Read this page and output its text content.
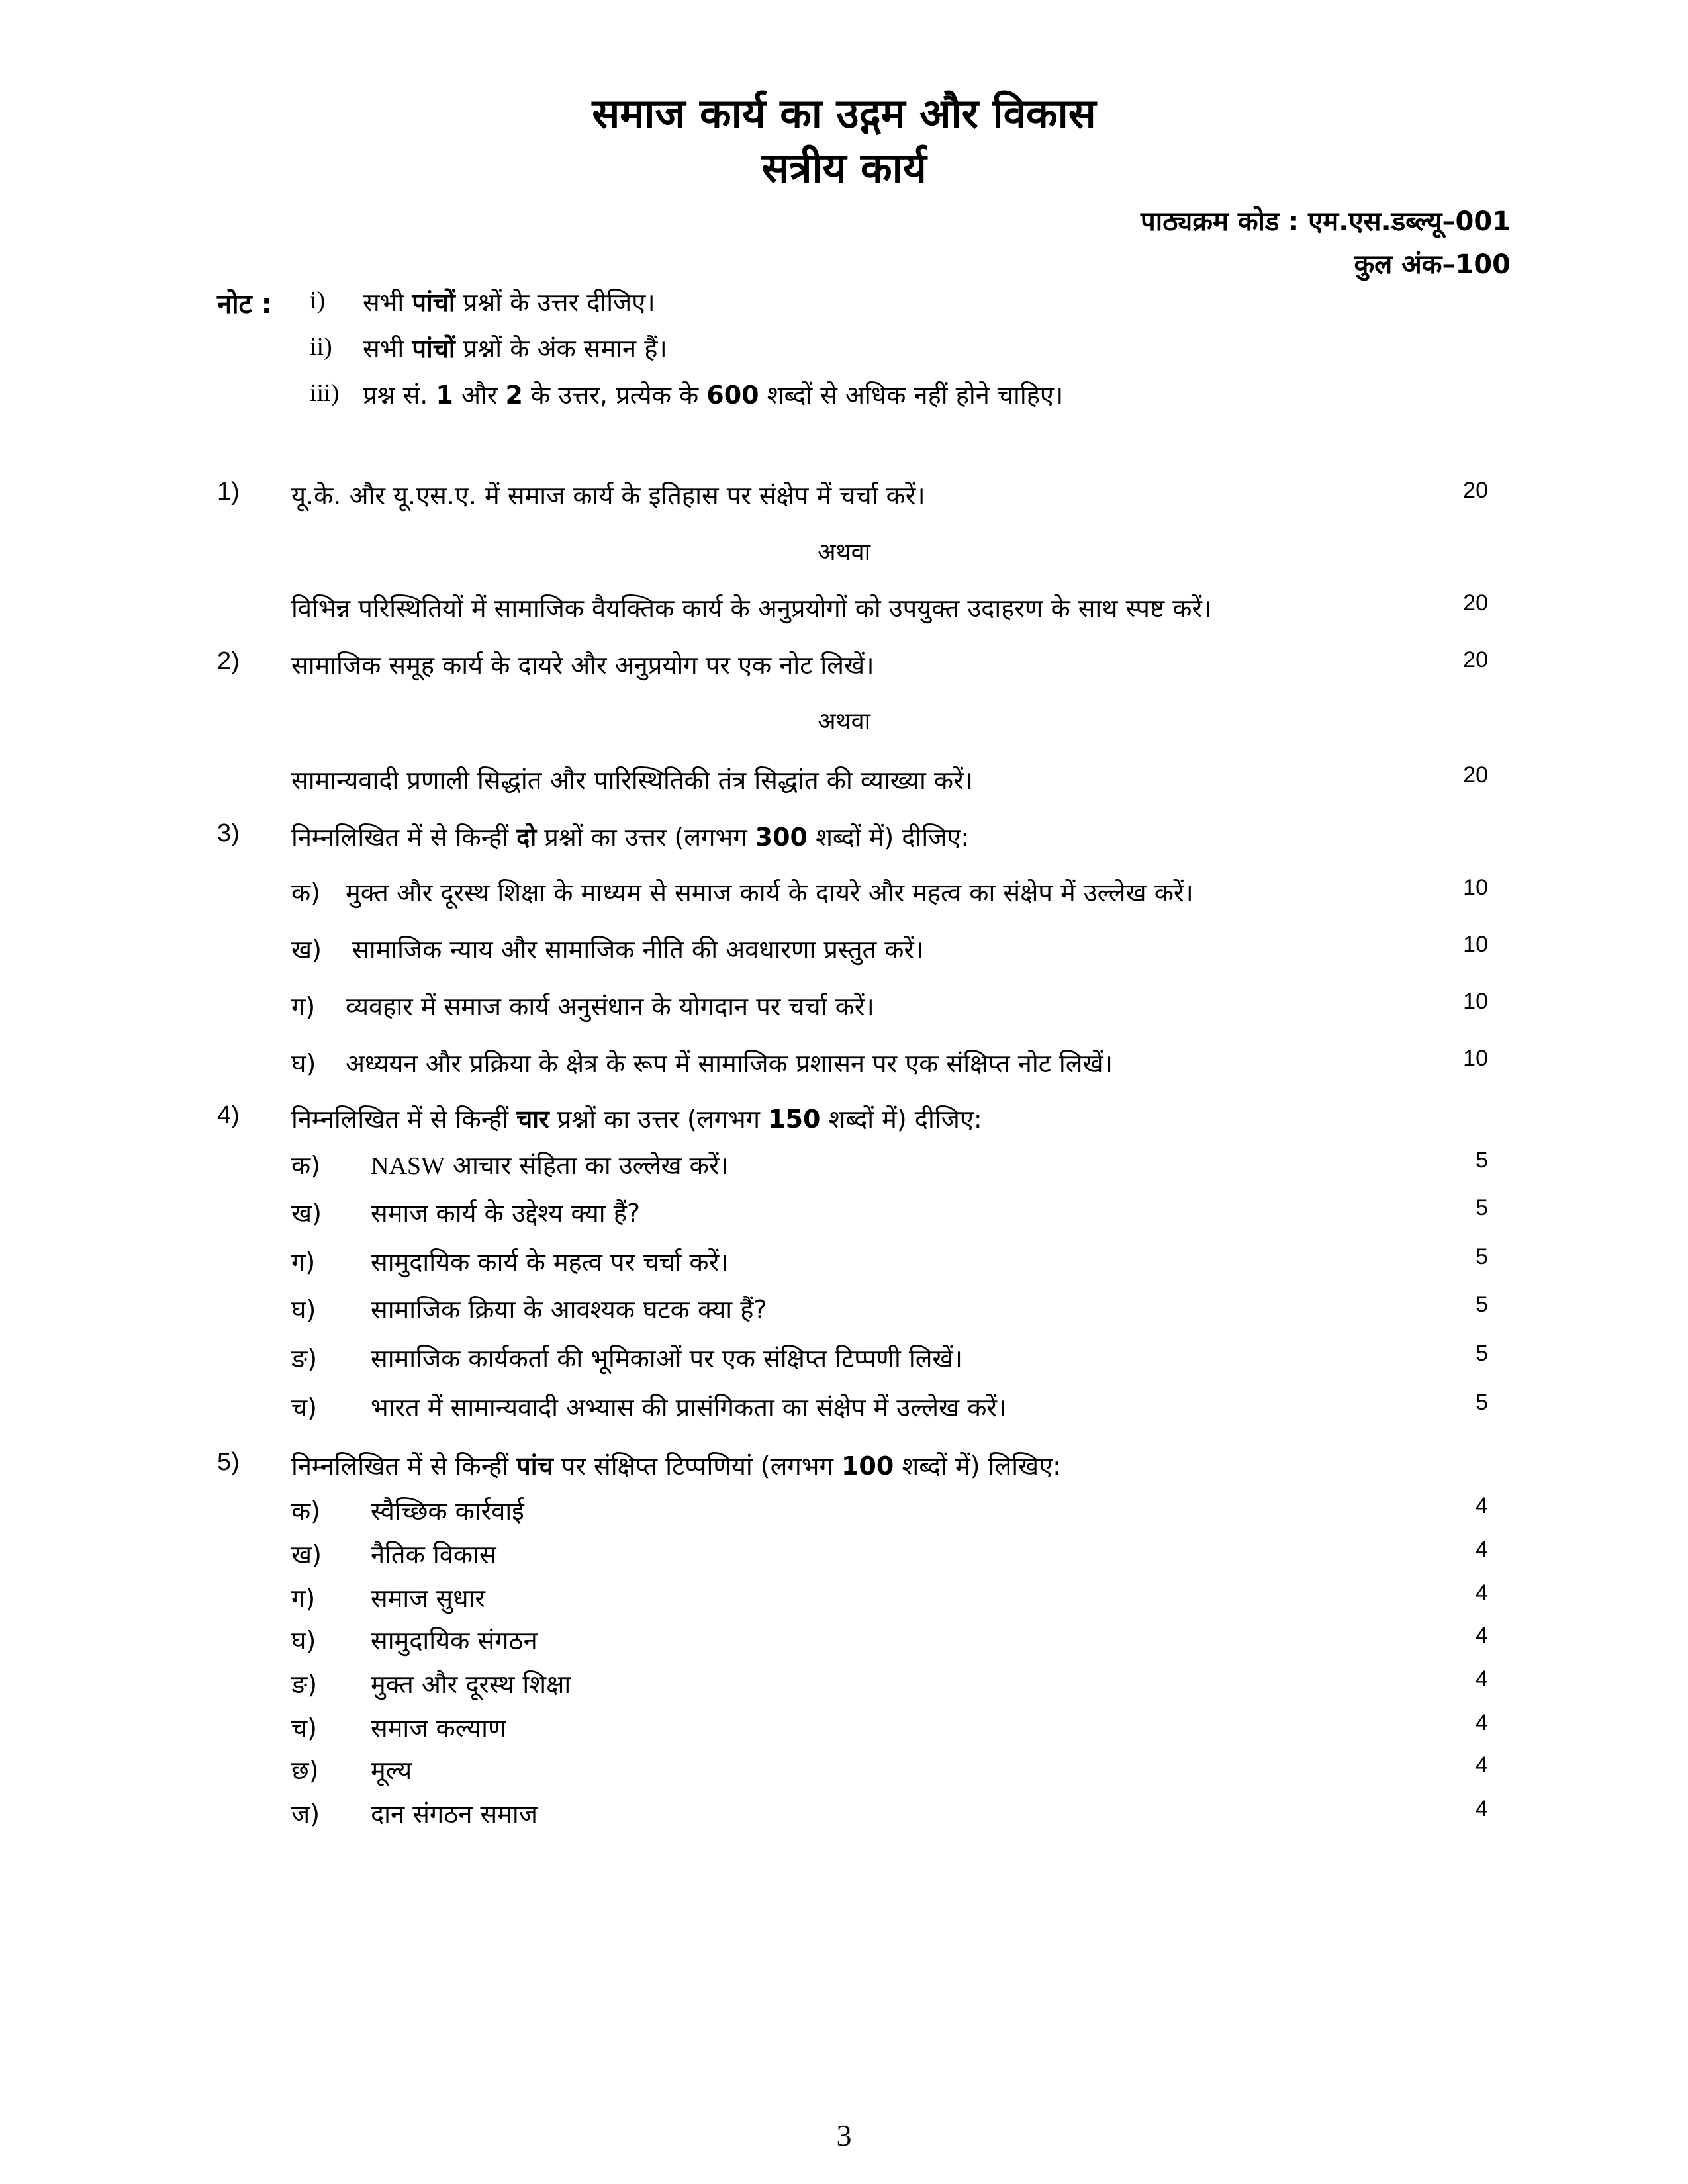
समाज कार्य का उद्गम और विकास
सत्रीय कार्य
पाठ्यक्रम कोड : एम.एस.डब्ल्यू–001
कुल अंक–100
नोट : i) सभी पांचों प्रश्नों के उत्तर दीजिए।
ii) सभी पांचों प्रश्नों के अंक समान हैं।
iii) प्रश्न सं. 1 और 2 के उत्तर, प्रत्येक के 600 शब्दों से अधिक नहीं होने चाहिए।
1) यू.के. और यू.एस.ए. में समाज कार्य के इतिहास पर संक्षेप में चर्चा करें।	20
अथवा
विभिन्न परिस्थितियों में सामाजिक वैयक्तिक कार्य के अनुप्रयोगों को उपयुक्त उदाहरण के साथ स्पष्ट करें।	20
2) सामाजिक समूह कार्य के दायरे और अनुप्रयोग पर एक नोट लिखें।	20
अथवा
सामान्यवादी प्रणाली सिद्धांत और पारिस्थितिकी तंत्र सिद्धांत की व्याख्या करें।	20
3) निम्नलिखित में से किन्हीं दो प्रश्नों का उत्तर (लगभग 300 शब्दों में) दीजिए:
क) मुक्त और दूरस्थ शिक्षा के माध्यम से समाज कार्य के दायरे और महत्व का संक्षेप में उल्लेख करें।	10
ख) सामाजिक न्याय और सामाजिक नीति की अवधारणा प्रस्तुत करें।	10
ग) व्यवहार में समाज कार्य अनुसंधान के योगदान पर चर्चा करें।	10
घ) अध्ययन और प्रक्रिया के क्षेत्र के रूप में सामाजिक प्रशासन पर एक संक्षिप्त नोट लिखें।	10
4) निम्नलिखित में से किन्हीं चार प्रश्नों का उत्तर (लगभग 150 शब्दों में) दीजिए:
क) NASW आचार संहिता का उल्लेख करें।	5
ख) समाज कार्य के उद्देश्य क्या हैं?	5
ग) सामुदायिक कार्य के महत्व पर चर्चा करें।	5
घ) सामाजिक क्रिया के आवश्यक घटक क्या हैं?	5
ङ) सामाजिक कार्यकर्ता की भूमिकाओं पर एक संक्षिप्त टिप्पणी लिखें।	5
च) भारत में सामान्यवादी अभ्यास की प्रासंगिकता का संक्षेप में उल्लेख करें।	5
5) निम्नलिखित में से किन्हीं पांच पर संक्षिप्त टिप्पणियां (लगभग 100 शब्दों में) लिखिए:
क) स्वैच्छिक कार्रवाई	4
ख) नैतिक विकास	4
ग) समाज सुधार	4
घ) सामुदायिक संगठन	4
ङ) मुक्त और दूरस्थ शिक्षा	4
च) समाज कल्याण	4
छ) मूल्य	4
ज) दान संगठन समाज	4
3
